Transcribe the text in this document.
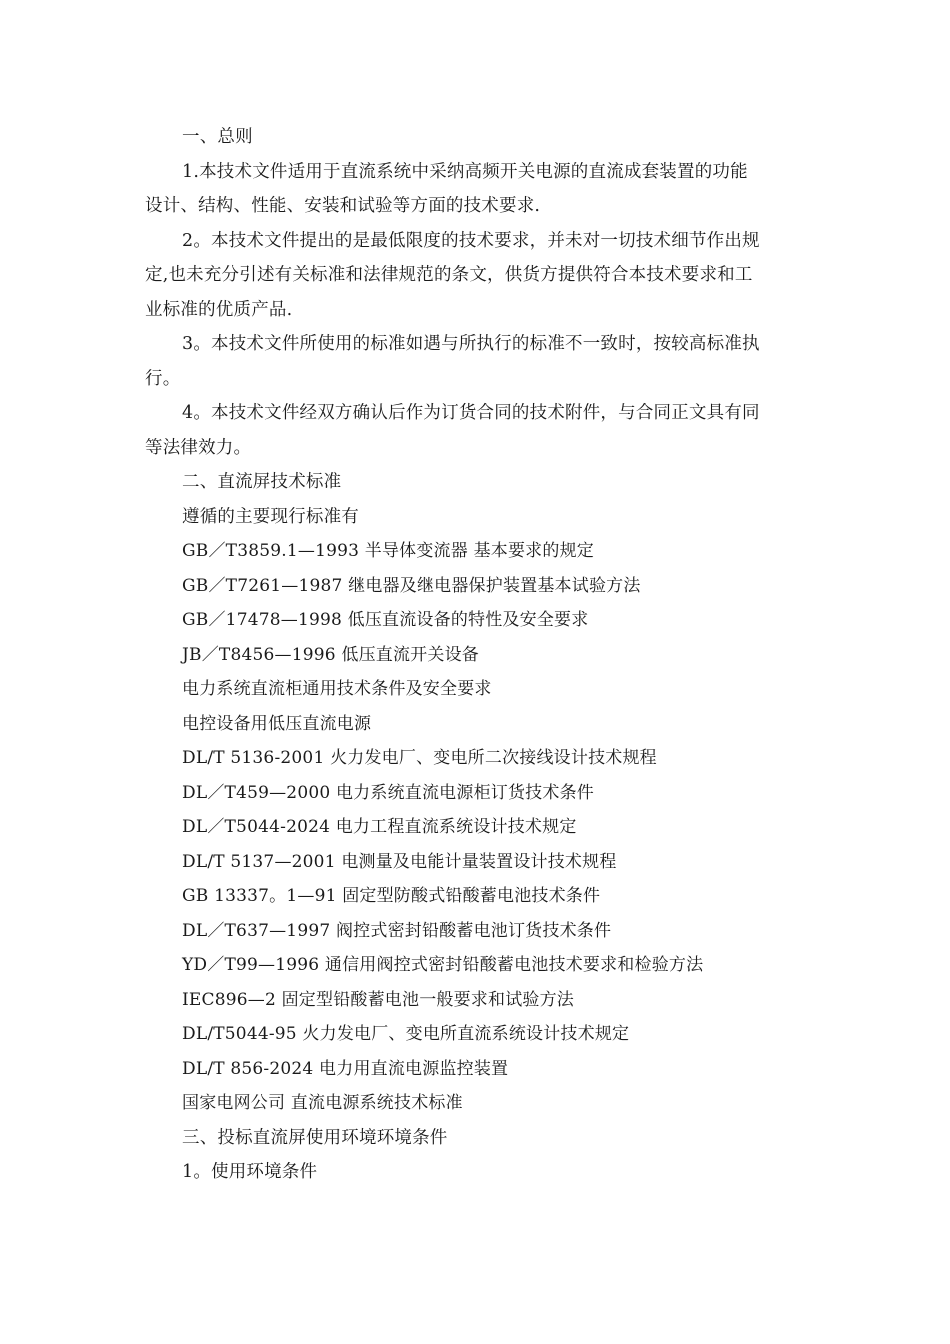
一、总则
1.本技术文件适用于直流系统中采纳高频开关电源的直流成套装置的功能
设计、结构、性能、安装和试验等方面的技术要求.
2。本技术文件提出的是最低限度的技术要求，并未对一切技术细节作出规
定,也未充分引述有关标准和法律规范的条文，供货方提供符合本技术要求和工
业标准的优质产品.
3。本技术文件所使用的标准如遇与所执行的标准不一致时，按较高标准执
行。
4。本技术文件经双方确认后作为订货合同的技术附件，与合同正文具有同
等法律效力。
二、直流屏技术标准
遵循的主要现行标准有
GB／T3859.1—1993 半导体变流器 基本要求的规定
GB／T7261—1987 继电器及继电器保护装置基本试验方法
GB／17478—1998 低压直流设备的特性及安全要求
JB／T8456—1996 低压直流开关设备
电力系统直流柜通用技术条件及安全要求
电控设备用低压直流电源
DL/T 5136-2001 火力发电厂、变电所二次接线设计技术规程
DL／T459—2000 电力系统直流电源柜订货技术条件
DL／T5044-2024 电力工程直流系统设计技术规定
DL/T 5137—2001 电测量及电能计量装置设计技术规程
GB 13337。1—91 固定型防酸式铅酸蓄电池技术条件
DL／T637—1997 阀控式密封铅酸蓄电池订货技术条件
YD／T99—1996 通信用阀控式密封铅酸蓄电池技术要求和检验方法
IEC896—2 固定型铅酸蓄电池一般要求和试验方法
DL/T5044-95 火力发电厂、变电所直流系统设计技术规定
DL/T 856-2024 电力用直流电源监控装置
国家电网公司 直流电源系统技术标准
三、投标直流屏使用环境环境条件
1。使用环境条件
